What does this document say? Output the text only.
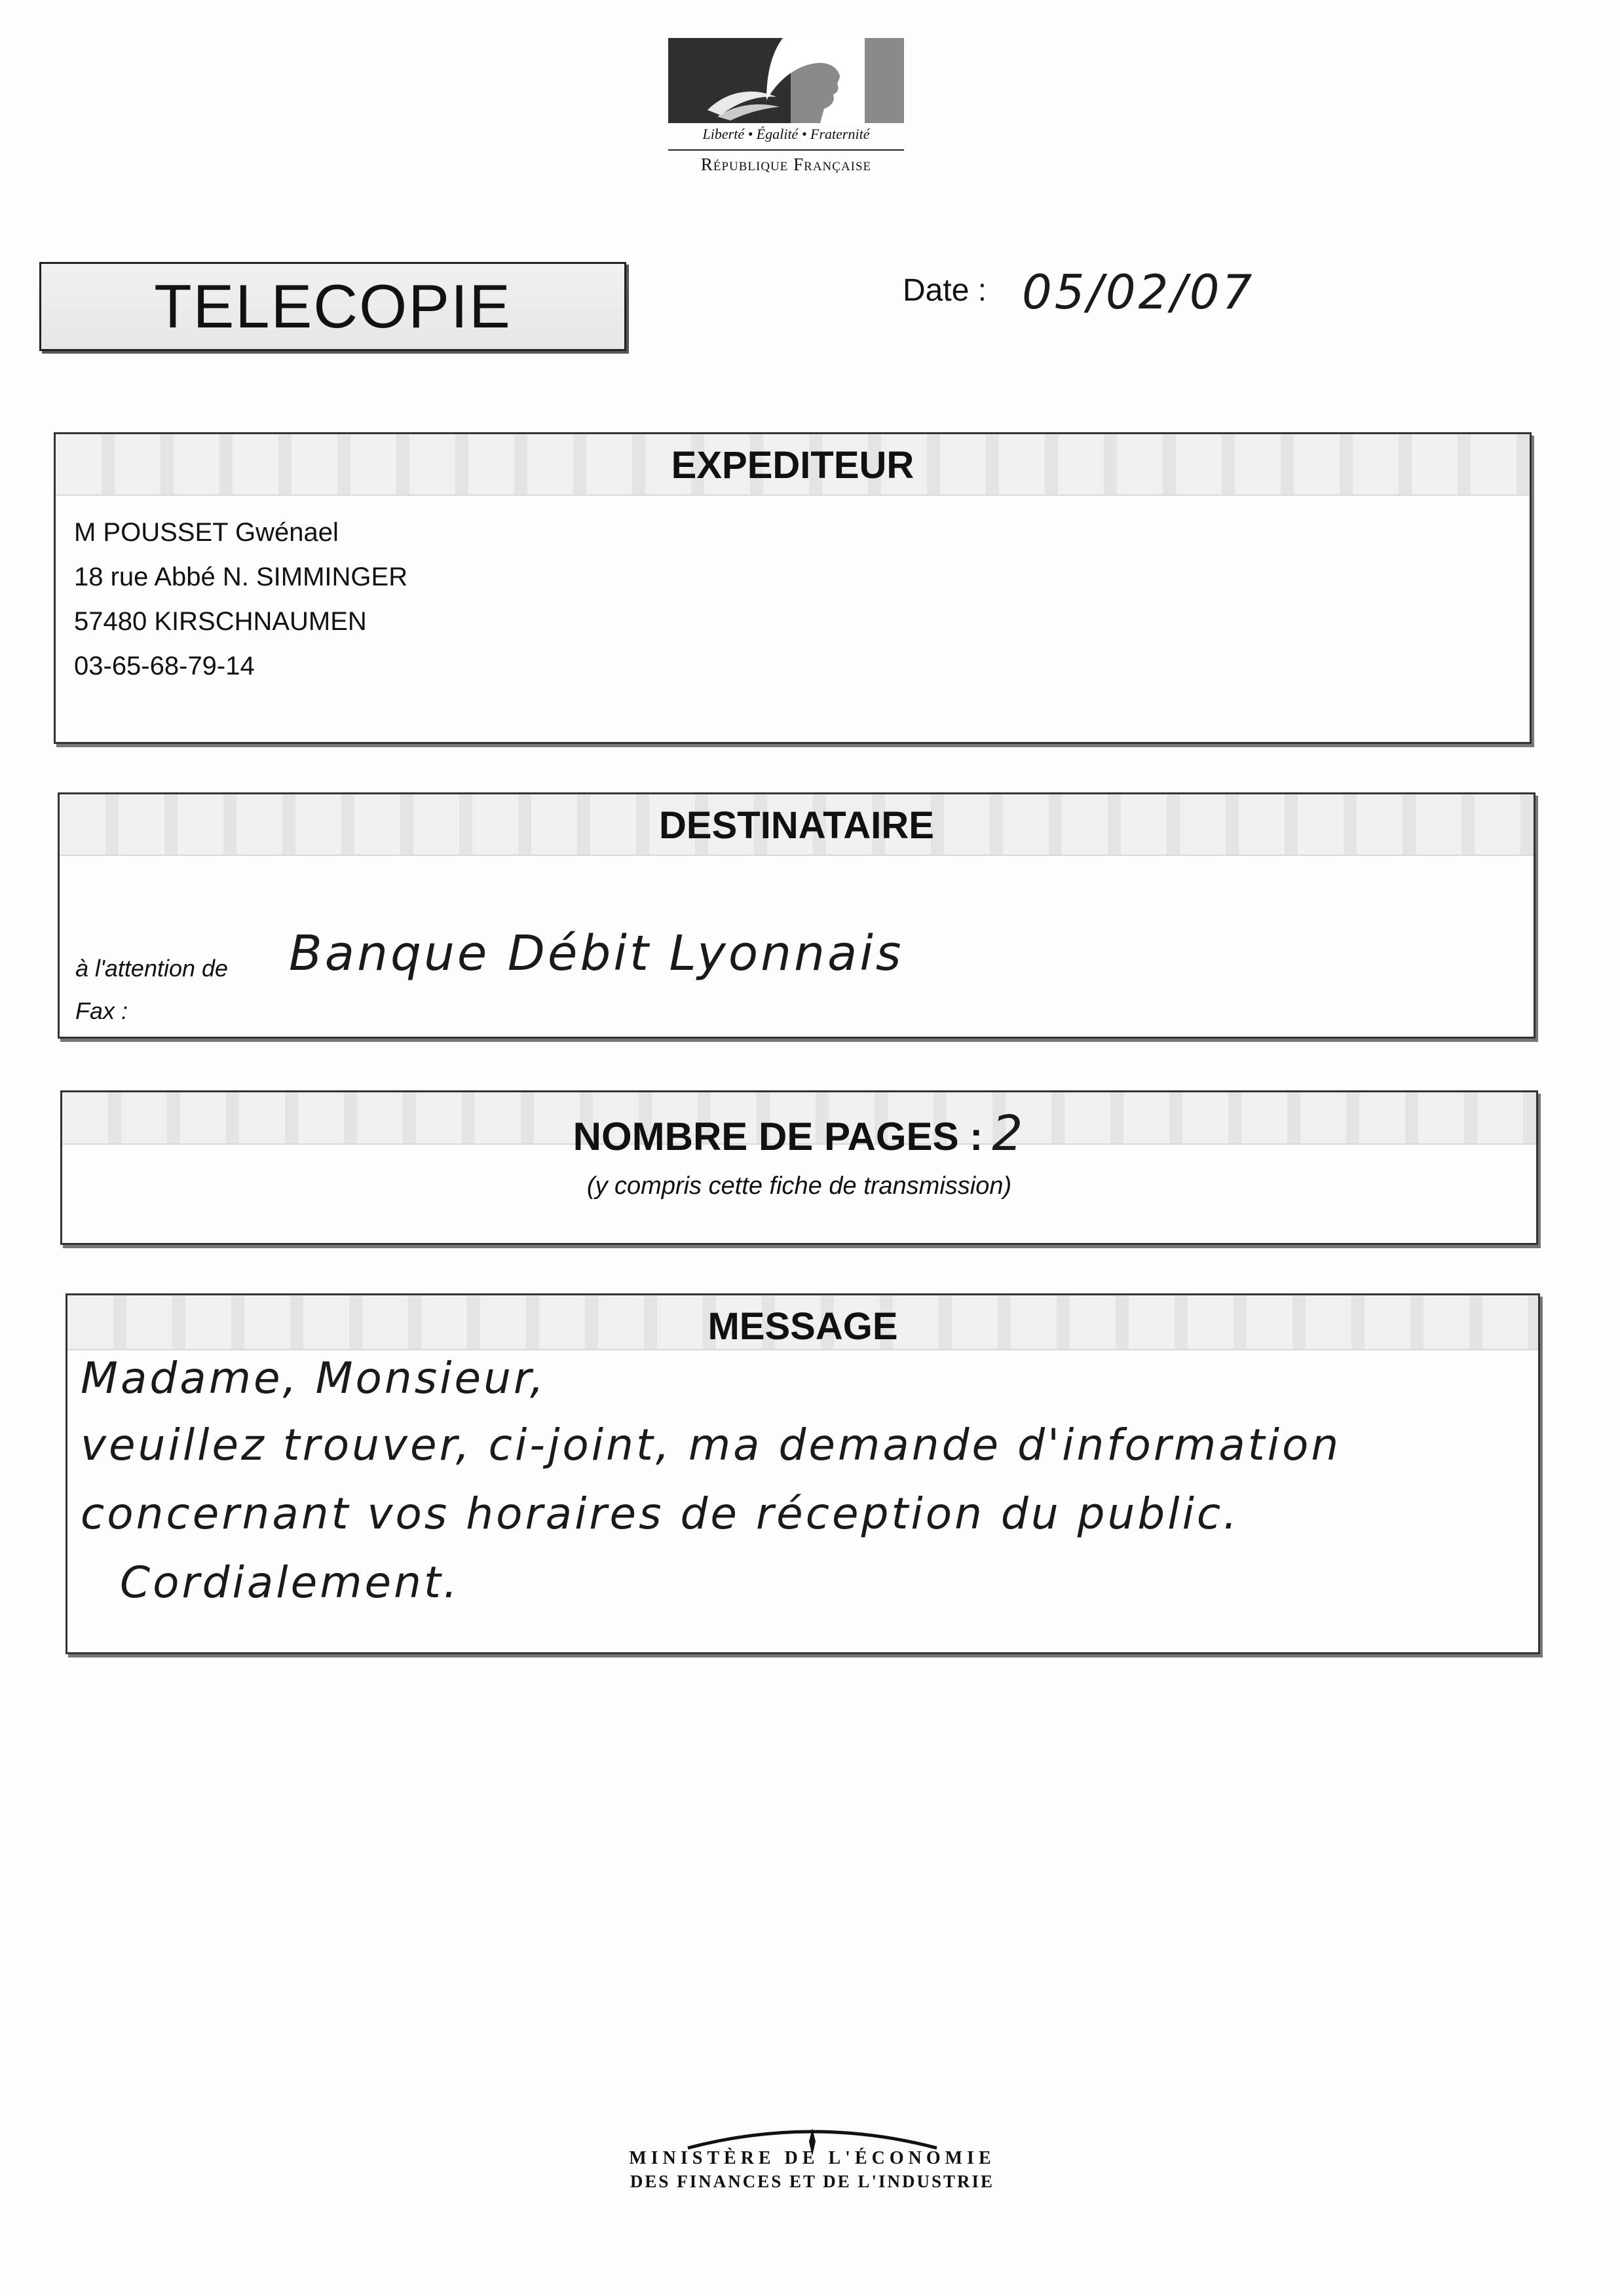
Liberté • Égalité • Fraternité
République Française
TELECOPIE	Date : 05/02/07
EXPEDITEUR
M POUSSET Gwénael
18 rue Abbé N. SIMMINGER
57480 KIRSCHNAUMEN
03-65-68-79-14
DESTINATAIRE
à l'attention de Banque Débit Lyonnais
Fax :
NOMBRE DE PAGES : 2
(y compris cette fiche de transmission)
MESSAGE
Madame, Monsieur,
veuillez trouver, ci-joint, ma demande d'information
concernant vos horaires de réception du public.
Cordialement.
MINISTÈRE DE L'ÉCONOMIE
DES FINANCES ET DE L'INDUSTRIE
